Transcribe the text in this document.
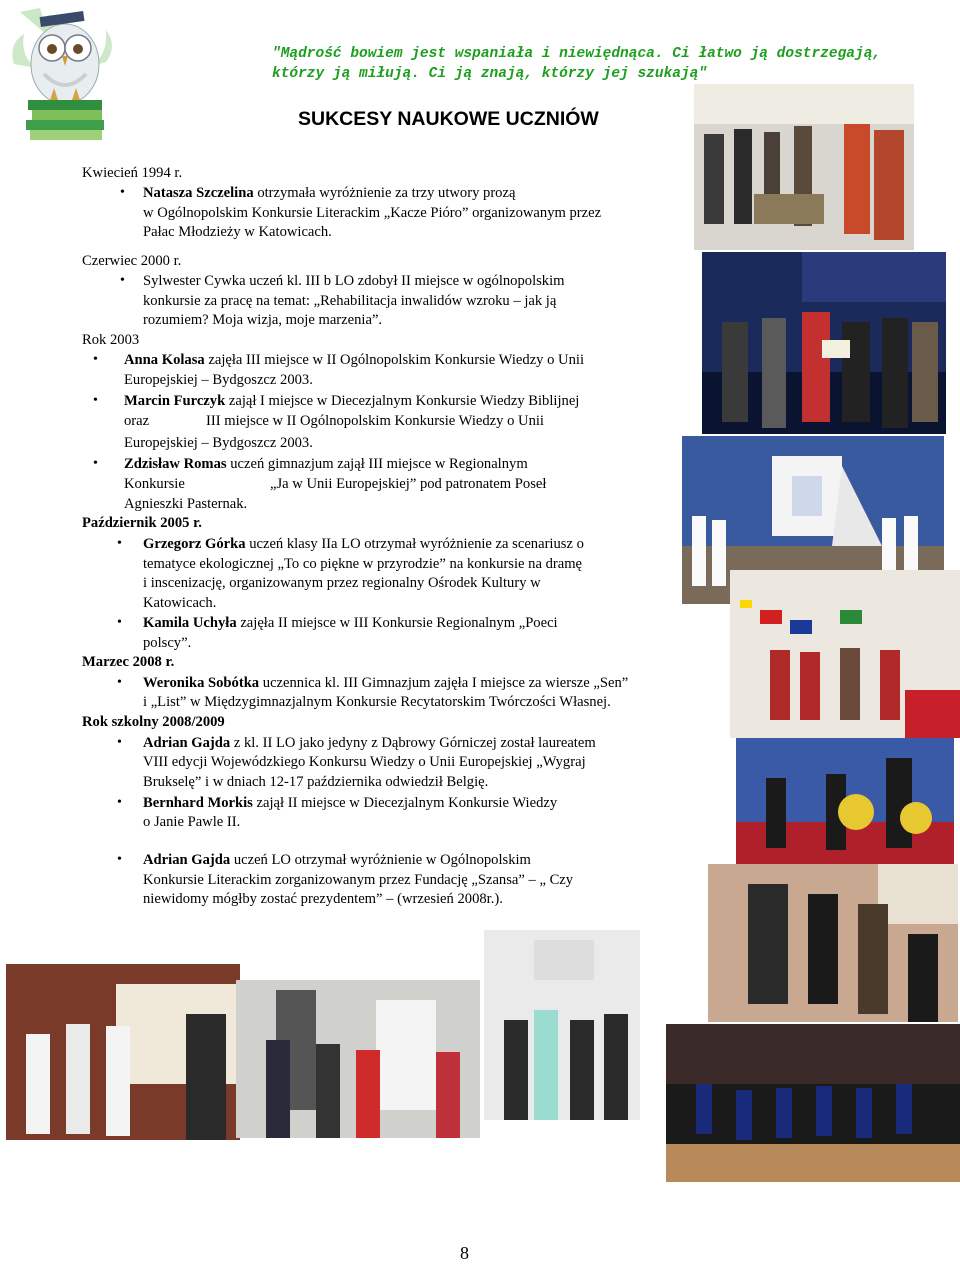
"Mądrość bowiem jest wspaniała i niewiędnąca. Ci łatwo ją dostrzegają,
którzy ją miłują. Ci ją znają, którzy jej szukają"
SUKCESY NAUKOWE UCZNIÓW
Kwiecień 1994 r.
• Natasza Szczelina otrzymała wyróżnienie za trzy utwory prozą
w Ogólnopolskim Konkursie Literackim „Kacze Pióro” organizowanym przez
Pałac Młodzieży w Katowicach.
Czerwiec 2000 r.
• Sylwester Cywka uczeń kl. III b LO zdobył II miejsce w ogólnopolskim
konkursie za pracę na temat: „Rehabilitacja inwalidów wzroku – jak ją
rozumiem? Moja wizja, moje marzenia”.
Rok 2003
• Anna Kolasa zajęła III miejsce w II Ogólnopolskim Konkursie Wiedzy o Unii
Europejskiej – Bydgoszcz 2003.
• Marcin Furczyk zajął I miejsce w Diecezjalnym Konkursie Wiedzy Biblijnej
oraz	III miejsce w II Ogólnopolskim Konkursie Wiedzy o Unii
Europejskiej – Bydgoszcz 2003.
• Zdzisław Romas uczeń gimnazjum zajął III miejsce w Regionalnym
Konkursie	„Ja w Unii Europejskiej” pod patronatem Poseł
Agnieszki Pasternak.
Październik 2005 r.
• Grzegorz Górka uczeń klasy IIa LO otrzymał wyróżnienie za scenariusz o
tematyce ekologicznej „To co piękne w przyrodzie” na konkursie na dramę
i inscenizację, organizowanym przez regionalny Ośrodek Kultury w
Katowicach.
• Kamila Uchyła zajęła II miejsce w III Konkursie Regionalnym „Poeci
polscy”.
Marzec 2008 r.
• Weronika Sobótka uczennica kl. III Gimnazjum zajęła I miejsce za wiersze „Sen”
i „List” w Międzygimnazjalnym Konkursie Recytatorskim Twórczości Własnej.
Rok szkolny 2008/2009
• Adrian Gajda z kl. II LO jako jedyny z Dąbrowy Górniczej został laureatem
VIII edycji Wojewódzkiego Konkursu Wiedzy o Unii Europejskiej „Wygraj
Brukselę” i w dniach 12-17 października odwiedził Belgię.
• Bernhard Morkis zajął II miejsce w Diecezjalnym Konkursie Wiedzy
o Janie Pawle II.
• Adrian Gajda uczeń LO otrzymał wyróżnienie w Ogólnopolskim
Konkursie Literackim zorganizowanym przez Fundację „Szansa” – „ Czy
niewidomy mógłby zostać prezydentem” – (wrzesień 2008r.).
8
